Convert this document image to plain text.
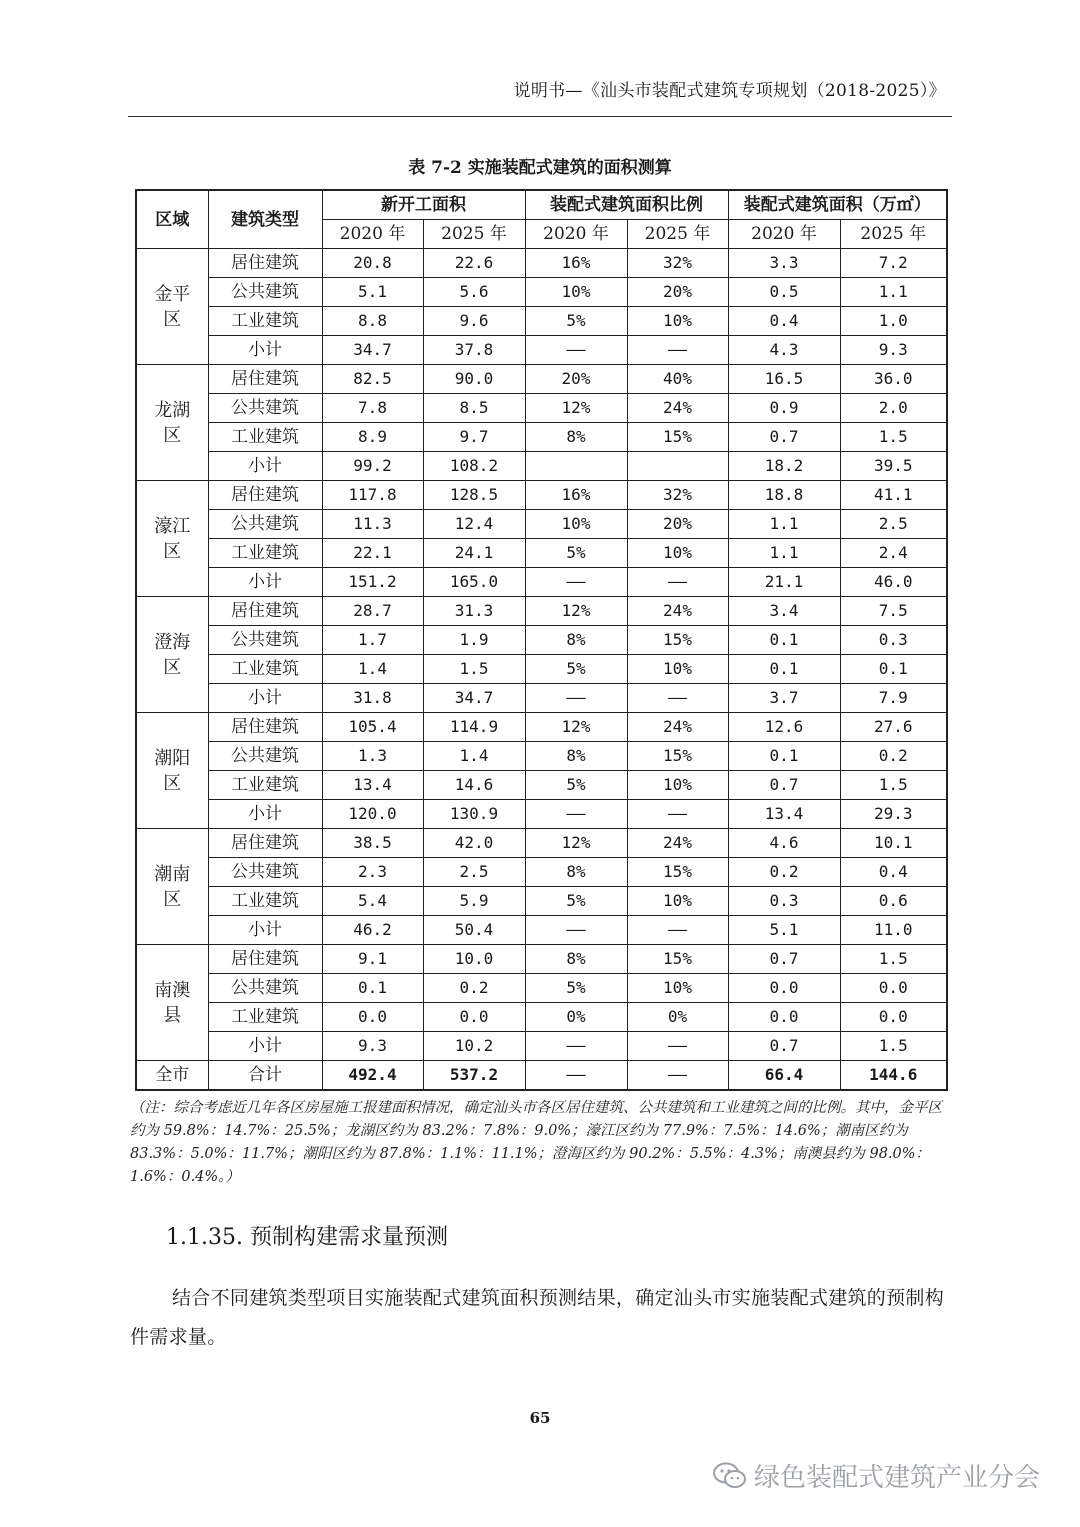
说明书—《汕头市装配式建筑专项规划（2018-2025）》
表 7-2 实施装配式建筑的面积测算
区域	建筑类型	新开工面积		装配式建筑面积比例		装配式建筑面积（万㎡）	
		2020 年	2025 年	2020 年	2025 年	2020 年	2025 年
金平
区	居住建筑	20.8	22.6	16%	32%	3.3	7.2
	公共建筑	5.1	5.6	10%	20%	0.5	1.1
	工业建筑	8.8	9.6	5%	10%	0.4	1.0
	小计	34.7	37.8	——	——	4.3	9.3
龙湖
区	居住建筑	82.5	90.0	20%	40%	16.5	36.0
	公共建筑	7.8	8.5	12%	24%	0.9	2.0
	工业建筑	8.9	9.7	8%	15%	0.7	1.5
	小计	99.2	108.2			18.2	39.5
濠江
区	居住建筑	117.8	128.5	16%	32%	18.8	41.1
	公共建筑	11.3	12.4	10%	20%	1.1	2.5
	工业建筑	22.1	24.1	5%	10%	1.1	2.4
	小计	151.2	165.0	——	——	21.1	46.0
澄海
区	居住建筑	28.7	31.3	12%	24%	3.4	7.5
	公共建筑	1.7	1.9	8%	15%	0.1	0.3
	工业建筑	1.4	1.5	5%	10%	0.1	0.1
	小计	31.8	34.7	——	——	3.7	7.9
潮阳
区	居住建筑	105.4	114.9	12%	24%	12.6	27.6
	公共建筑	1.3	1.4	8%	15%	0.1	0.2
	工业建筑	13.4	14.6	5%	10%	0.7	1.5
	小计	120.0	130.9	——	——	13.4	29.3
潮南
区	居住建筑	38.5	42.0	12%	24%	4.6	10.1
	公共建筑	2.3	2.5	8%	15%	0.2	0.4
	工业建筑	5.4	5.9	5%	10%	0.3	0.6
	小计	46.2	50.4	——	——	5.1	11.0
南澳
县	居住建筑	9.1	10.0	8%	15%	0.7	1.5
	公共建筑	0.1	0.2	5%	10%	0.0	0.0
	工业建筑	0.0	0.0	0%	0%	0.0	0.0
	小计	9.3	10.2	——	——	0.7	1.5
全市	合计	492.4	537.2	——	——	66.4	144.6
（注：综合考虑近几年各区房屋施工报建面积情况，确定汕头市各区居住建筑、公共建筑和工业建筑之间的比例。其中，金平区约为 59.8%：14.7%：25.5%；龙湖区约为 83.2%：7.8%：9.0%；濠江区约为 77.9%：7.5%：14.6%；潮南区约为 83.3%：5.0%：11.7%；潮阳区约为 87.8%：1.1%：11.1%；澄海区约为 90.2%：5.5%：4.3%；南澳县约为 98.0%：1.6%：0.4%。）
1.1.35. 预制构建需求量预测
结合不同建筑类型项目实施装配式建筑面积预测结果，确定汕头市实施装配式建筑的预制构件需求量。
65
绿色装配式建筑产业分会
